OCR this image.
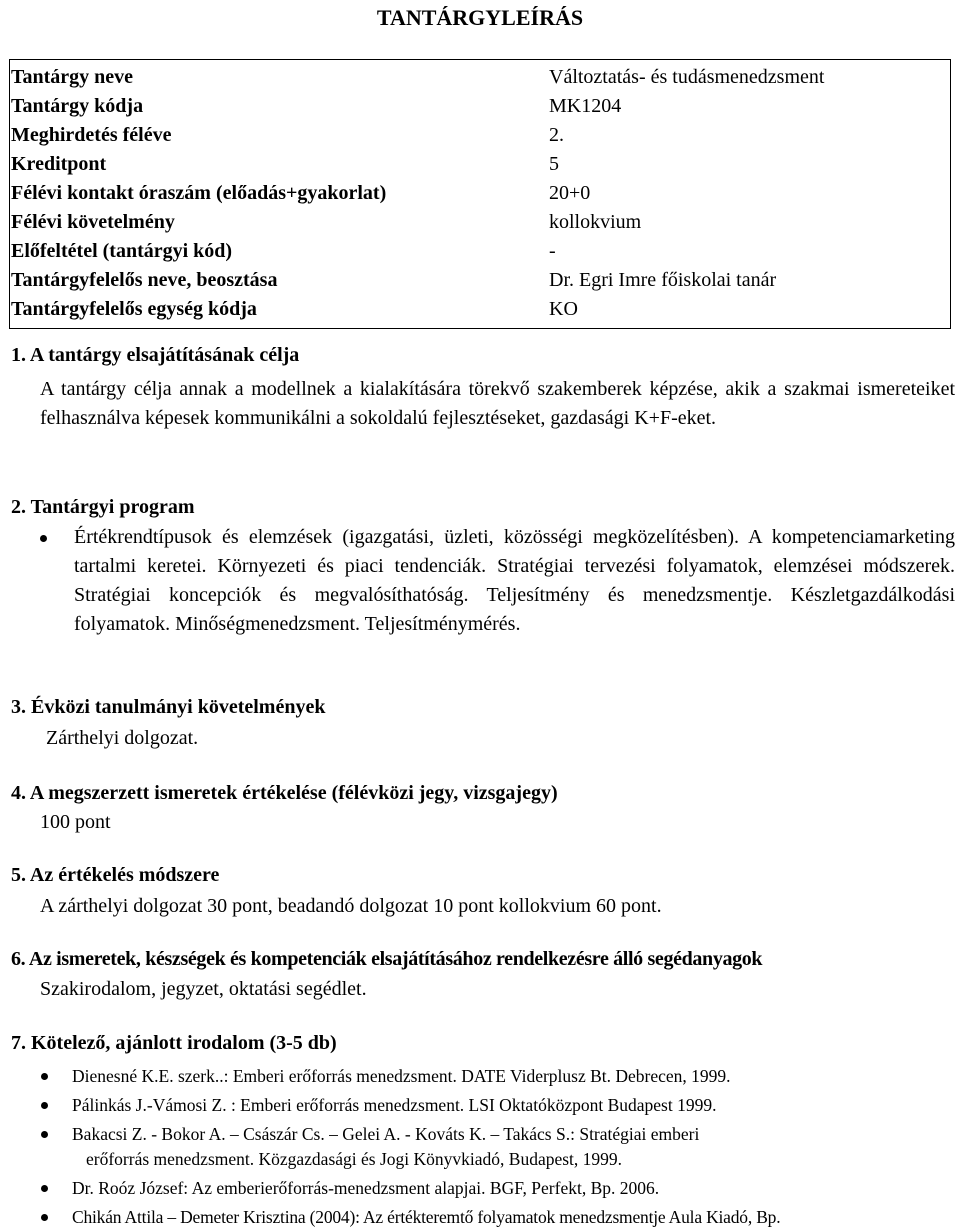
TANTÁRGYLEÍRÁS
Tantárgy neve	Változtatás- és tudásmenedzsment
Tantárgy kódja	MK1204
Meghirdetés féléve	2.
Kreditpont	5
Félévi kontakt óraszám (előadás+gyakorlat)	20+0
Félévi követelmény	kollokvium
Előfeltétel (tantárgyi kód)	-
Tantárgyfelelős neve, beosztása	Dr. Egri Imre főiskolai tanár
Tantárgyfelelős egység kódja	KO
1. A tantárgy elsajátításának célja
A tantárgy célja annak a modellnek a kialakítására törekvő szakemberek képzése, akik a szakmai ismereteiket felhasználva képesek kommunikálni a sokoldalú fejlesztéseket, gazdasági K+F-eket.
2. Tantárgyi program
Értékrendtípusok és elemzések (igazgatási, üzleti, közösségi megközelítésben). A kompetenciamarketing tartalmi keretei. Környezeti és piaci tendenciák. Stratégiai tervezési folyamatok, elemzései módszerek. Stratégiai koncepciók és megvalósíthatóság. Teljesítmény és menedzsmentje. Készletgazdálkodási folyamatok. Minőségmenedzsment. Teljesítménymérés.
3. Évközi tanulmányi követelmények
Zárthelyi dolgozat.
4. A megszerzett ismeretek értékelése (félévközi jegy, vizsgajegy)
100 pont
5. Az értékelés módszere
A zárthelyi dolgozat 30 pont, beadandó dolgozat 10 pont kollokvium 60 pont.
6. Az ismeretek, készségek és kompetenciák elsajátításához rendelkezésre álló segédanyagok
Szakirodalom, jegyzet, oktatási segédlet.
7. Kötelező, ajánlott irodalom (3-5 db)
Dienesné K.E. szerk..: Emberi erőforrás menedzsment. DATE Viderplusz Bt. Debrecen, 1999.
Pálinkás J.-Vámosi Z. : Emberi erőforrás menedzsment. LSI Oktatóközpont Budapest 1999.
Bakacsi Z. - Bokor A. – Császár Cs. – Gelei A. - Kováts K. – Takács S.: Stratégiai emberi
erőforrás menedzsment. Közgazdasági és Jogi Könyvkiadó, Budapest, 1999.
Dr. Roóz József: Az emberierőforrás-menedzsment alapjai. BGF, Perfekt, Bp. 2006.
Chikán Attila – Demeter Krisztina (2004): Az értékteremtő folyamatok menedzsmentje Aula Kiadó, Bp.
